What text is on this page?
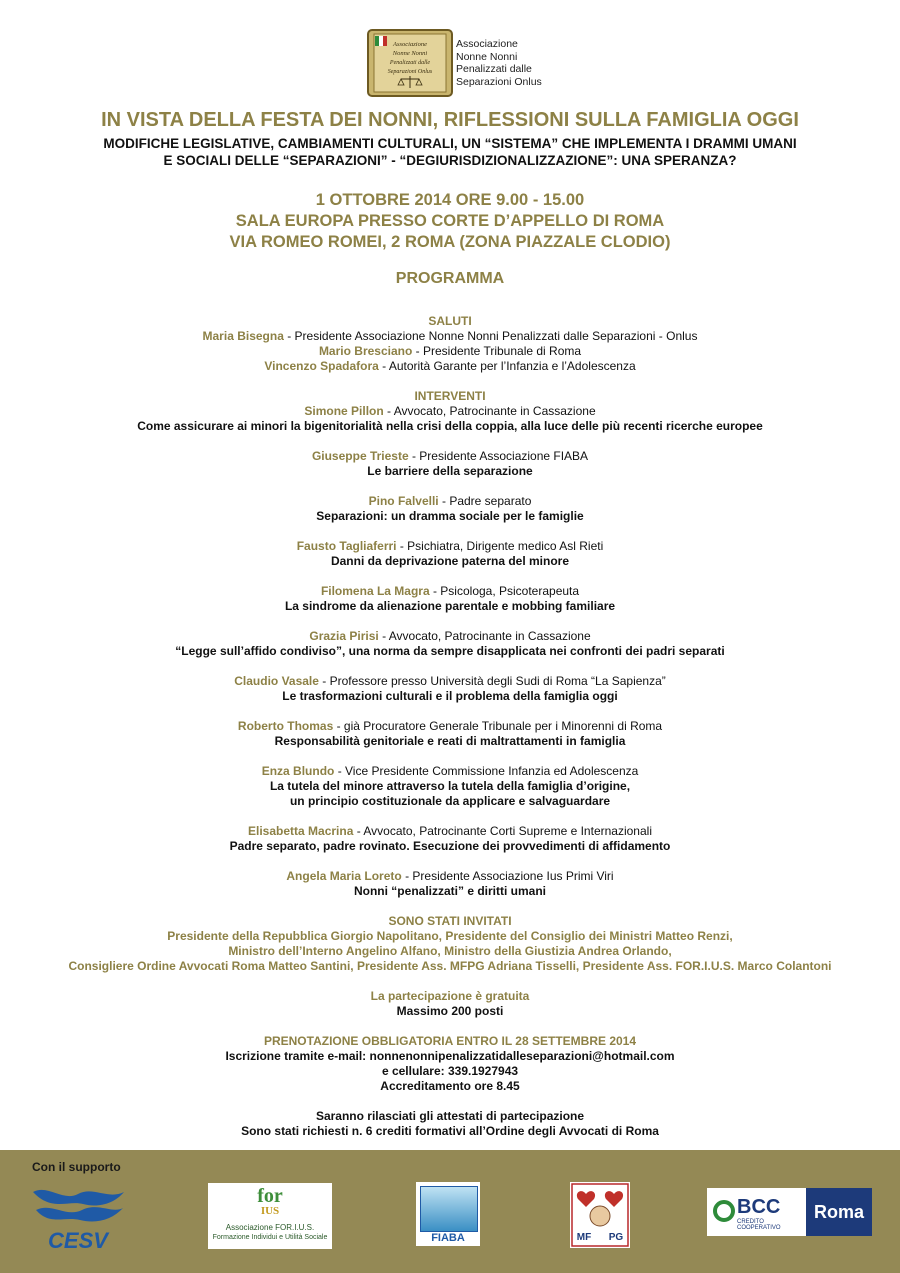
Associazione
Nonne Nonni
Penalizzati dalle
Separazioni Onlus
Associazione
Nonne Nonni
Penalizzati dalle
Separazioni Onlus
IN VISTA DELLA FESTA DEI NONNI, RIFLESSIONI SULLA FAMIGLIA OGGI
MODIFICHE LEGISLATIVE, CAMBIAMENTI CULTURALI, UN “SISTEMA” CHE IMPLEMENTA I DRAMMI UMANI
E SOCIALI DELLE “SEPARAZIONI” - “DEGIURISDIZIONALIZZAZIONE”: UNA SPERANZA?
1 OTTOBRE 2014 ORE 9.00 - 15.00
SALA EUROPA PRESSO CORTE D’APPELLO DI ROMA
VIA ROMEO ROMEI, 2 ROMA (ZONA PIAZZALE CLODIO)
PROGRAMMA
SALUTI
Maria Bisegna - Presidente Associazione Nonne Nonni Penalizzati dalle Separazioni - Onlus
Mario Bresciano - Presidente Tribunale di Roma
Vincenzo Spadafora - Autorità Garante per l’Infanzia e l’Adolescenza
INTERVENTI
Simone Pillon - Avvocato, Patrocinante in Cassazione
Come assicurare ai minori la bigenitorialità nella crisi della coppia, alla luce delle più recenti ricerche europee
Giuseppe Trieste - Presidente Associazione FIABA
Le barriere della separazione
Pino Falvelli - Padre separato
Separazioni: un dramma sociale per le famiglie
Fausto Tagliaferri - Psichiatra, Dirigente medico Asl Rieti
Danni da deprivazione paterna del minore
Filomena La Magra - Psicologa, Psicoterapeuta
La sindrome da alienazione parentale e mobbing familiare
Grazia Pirisi - Avvocato, Patrocinante in Cassazione
“Legge sull’affido condiviso”, una norma da sempre disapplicata nei confronti dei padri separati
Claudio Vasale - Professore presso Università degli Sudi di Roma “La Sapienza”
Le trasformazioni culturali e il problema della famiglia oggi
Roberto Thomas - già Procuratore Generale Tribunale per i Minorenni di Roma
Responsabilità genitoriale e reati di maltrattamenti in famiglia
Enza Blundo - Vice Presidente Commissione Infanzia ed Adolescenza
La tutela del minore attraverso la tutela della famiglia d’origine,
un principio costituzionale da applicare e salvaguardare
Elisabetta Macrina - Avvocato, Patrocinante Corti Supreme e Internazionali
Padre separato, padre rovinato. Esecuzione dei provvedimenti di affidamento
Angela Maria Loreto - Presidente Associazione Ius Primi Viri
Nonni “penalizzati” e diritti umani
SONO STATI INVITATI
Presidente della Repubblica Giorgio Napolitano, Presidente del Consiglio dei Ministri Matteo Renzi,
Ministro dell’Interno Angelino Alfano, Ministro della Giustizia Andrea Orlando,
Consigliere Ordine Avvocati Roma Matteo Santini, Presidente Ass. MFPG Adriana Tisselli, Presidente Ass. FOR.I.U.S. Marco Colantoni
La partecipazione è gratuita
Massimo 200 posti
PRENOTAZIONE OBBLIGATORIA ENTRO IL 28 SETTEMBRE 2014
Iscrizione tramite e-mail: nonnenonnipenalizzatidalleseparazioni@hotmail.com
e cellulare: 339.1927943
Accreditamento ore 8.45
Saranno rilasciati gli attestati di partecipazione
Sono stati richiesti n. 6 crediti formativi all’Ordine degli Avvocati di Roma
Con il supporto
CESV
for
IUS
Associazione FOR.I.U.S.
Formazione Individui e Utilità Sociale	FIABA	MF PG
BCC
CREDITO COOPERATIVO
Roma
